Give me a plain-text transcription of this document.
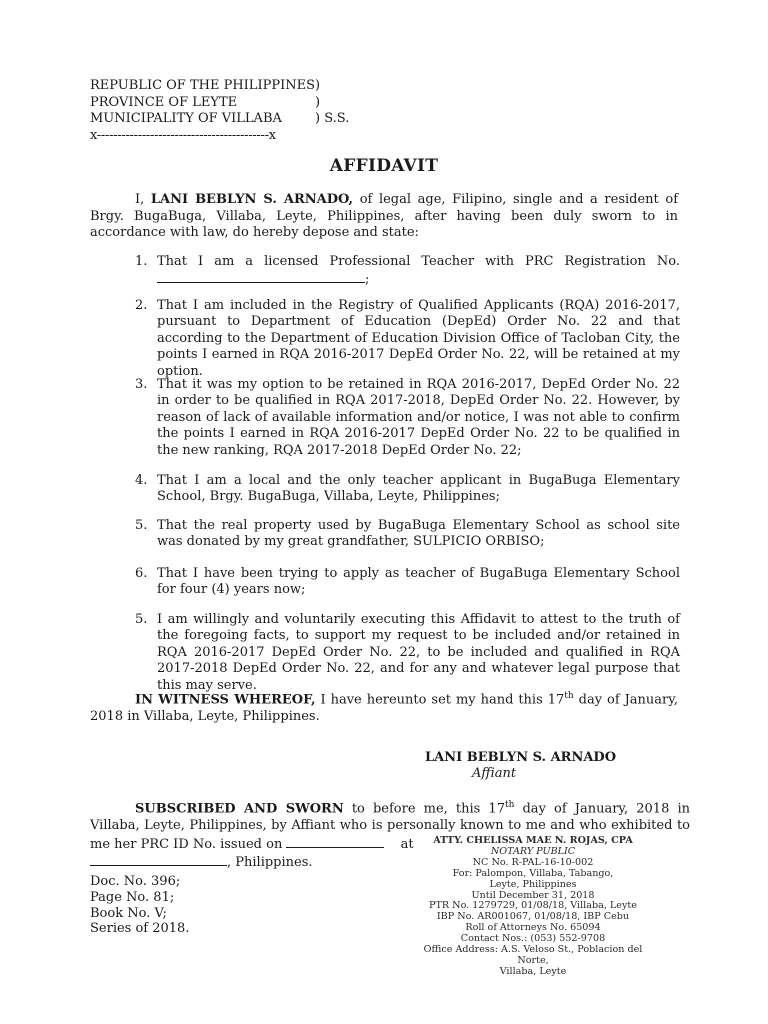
REPUBLIC OF THE PHILIPPINES )
PROVINCE OF LEYTE	)
MUNICIPALITY OF VILLABA	) S.S.
x------------------------------------------x
AFFIDAVIT
I, LANI BEBLYN S. ARNADO, of legal age, Filipino, single and a resident of Brgy. BugaBuga, Villaba, Leyte, Philippines, after having been duly sworn to in accordance with law, do hereby depose and state:
1. That I am a licensed Professional Teacher with PRC Registration No. ;
2. That I am included in the Registry of Qualified Applicants (RQA) 2016-2017, pursuant to Department of Education (DepEd) Order No. 22 and that according to the Department of Education Division Office of Tacloban City, the points I earned in RQA 2016-2017 DepEd Order No. 22, will be retained at my option.
3. That it was my option to be retained in RQA 2016-2017, DepEd Order No. 22 in order to be qualified in RQA 2017-2018, DepEd Order No. 22. However, by reason of lack of available information and/or notice, I was not able to confirm the points I earned in RQA 2016-2017 DepEd Order No. 22 to be qualified in the new ranking, RQA 2017-2018 DepEd Order No. 22;
4. That I am a local and the only teacher applicant in BugaBuga Elementary School, Brgy. BugaBuga, Villaba, Leyte, Philippines;
5. That the real property used by BugaBuga Elementary School as school site was donated by my great grandfather, SULPICIO ORBISO;
6. That I have been trying to apply as teacher of BugaBuga Elementary School for four (4) years now;
5. I am willingly and voluntarily executing this Affidavit to attest to the truth of the foregoing facts, to support my request to be included and/or retained in RQA 2016-2017 DepEd Order No. 22, to be included and qualified in RQA 2017-2018 DepEd Order No. 22, and for any and whatever legal purpose that this may serve.
IN WITNESS WHEREOF, I have hereunto set my hand this 17th day of January, 2018 in Villaba, Leyte, Philippines.
LANI BEBLYN S. ARNADO
Affiant
SUBSCRIBED AND SWORN to before me, this 17th day of January, 2018 in Villaba, Leyte, Philippines, by Affiant who is personally known to me and who exhibited to me her PRC ID No. issued on	at
, Philippines.
Doc. No. 396;
Page No. 81;
Book No. V;
Series of 2018.
ATTY. CHELISSA MAE N. ROJAS, CPA
NOTARY PUBLIC
NC No. R-PAL-16-10-002
For: Palompon, Villaba, Tabango,
Leyte, Philippines
Until December 31, 2018
PTR No. 1279729, 01/08/18, Villaba, Leyte
IBP No. AR001067, 01/08/18, IBP Cebu
Roll of Attorneys No. 65094
Contact Nos.: (053) 552-9708
Office Address: A.S. Veloso St., Poblacion del Norte,
Villaba, Leyte
